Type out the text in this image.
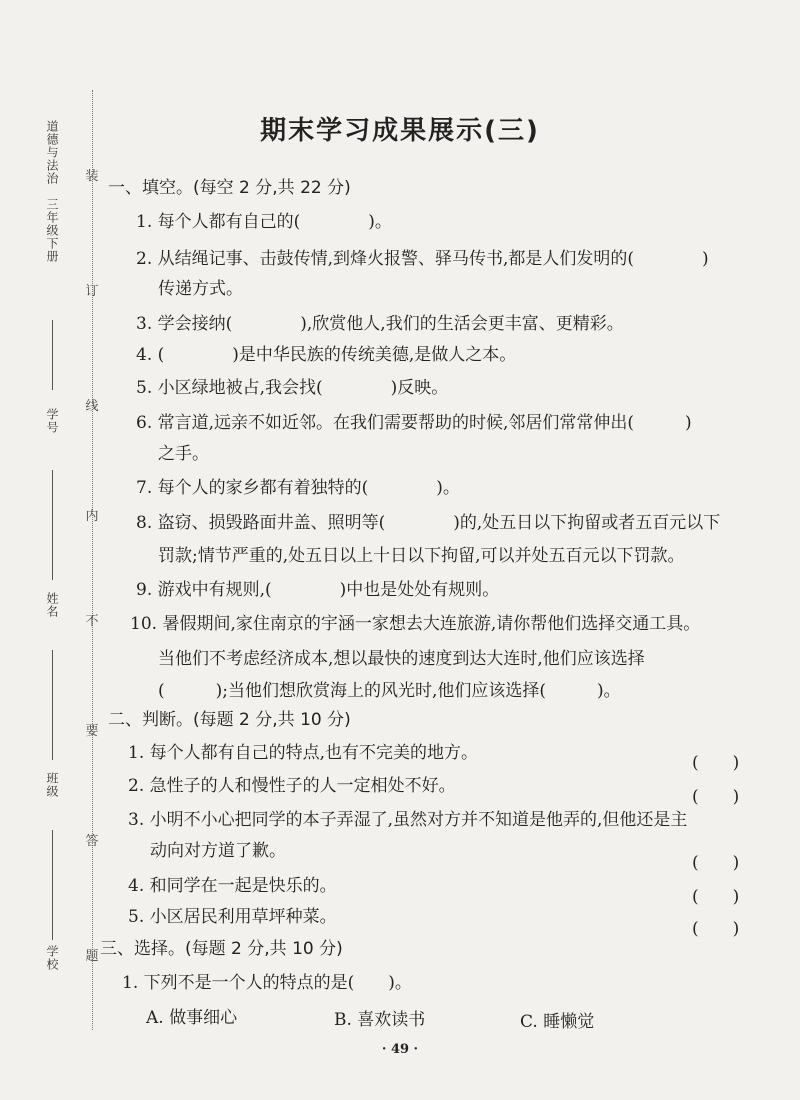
装
订
线
内
不
要
答
题
道德与法治　三年级下册
学号
姓名
班级
学校
期末学习成果展示(三)
一、填空。(每空 2 分,共 22 分)
1. 每个人都有自己的(　　　　)。
2. 从结绳记事、击鼓传情,到烽火报警、驿马传书,都是人们发明的(　　　　)
传递方式。
3. 学会接纳(　　　　),欣赏他人,我们的生活会更丰富、更精彩。
4. (　　　　)是中华民族的传统美德,是做人之本。
5. 小区绿地被占,我会找(　　　　)反映。
6. 常言道,远亲不如近邻。在我们需要帮助的时候,邻居们常常伸出(　　　)
之手。
7. 每个人的家乡都有着独特的(　　　　)。
8. 盗窃、损毁路面井盖、照明等(　　　　)的,处五日以下拘留或者五百元以下
罚款;情节严重的,处五日以上十日以下拘留,可以并处五百元以下罚款。
9. 游戏中有规则,(　　　　)中也是处处有规则。
10. 暑假期间,家住南京的宇涵一家想去大连旅游,请你帮他们选择交通工具。
当他们不考虑经济成本,想以最快的速度到达大连时,他们应该选择
(　　　);当他们想欣赏海上的风光时,他们应该选择(　　　)。
二、判断。(每题 2 分,共 10 分)
1. 每个人都有自己的特点,也有不完美的地方。	(　　)
2. 急性子的人和慢性子的人一定相处不好。
(　　)
3. 小明不小心把同学的本子弄湿了,虽然对方并不知道是他弄的,但他还是主
动向对方道了歉。
(　　)
4. 和同学在一起是快乐的。
(　　)
5. 小区居民利用草坪种菜。
(　　)
三、选择。(每题 2 分,共 10 分)
1. 下列不是一个人的特点的是(　　)。
A. 做事细心	B. 喜欢读书	C. 睡懒觉
· 49 ·
